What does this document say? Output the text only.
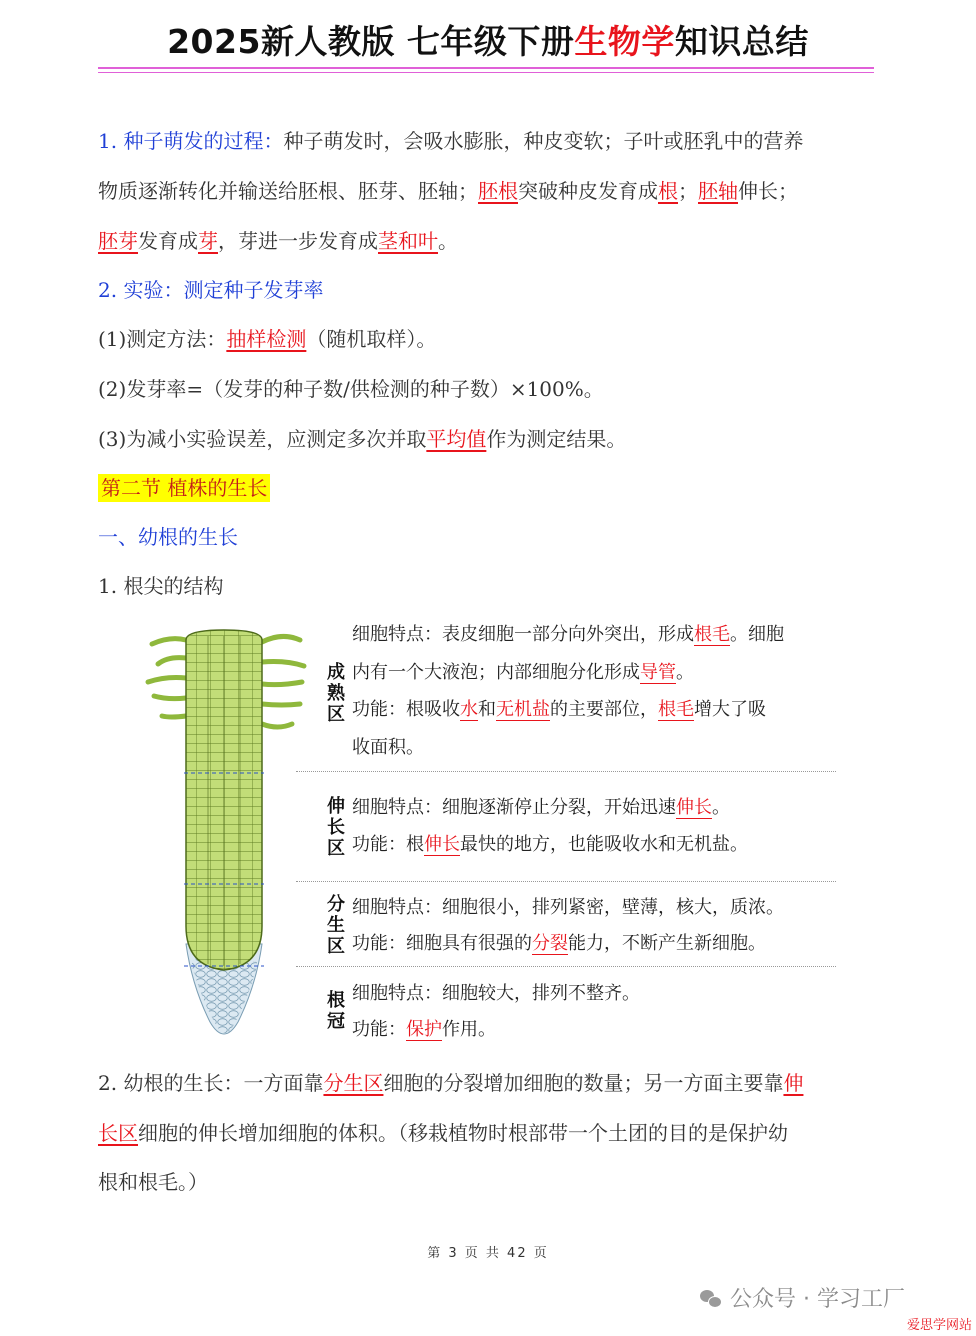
2025新人教版 七年级下册生物学知识总结
1. 种子萌发的过程：种子萌发时，会吸水膨胀，种皮变软；子叶或胚乳中的营养
物质逐渐转化并输送给胚根、胚芽、胚轴；胚根突破种皮发育成根；胚轴伸长；
胚芽发育成芽，芽进一步发育成茎和叶。
2. 实验：测定种子发芽率
(1)测定方法：抽样检测（随机取样）。
(2)发芽率=（发芽的种子数/供检测的种子数）×100%。
(3)为减小实验误差，应测定多次并取平均值作为测定结果。
第二节 植株的生长
一、幼根的生长
1. 根尖的结构
成熟区
细胞特点：表皮细胞一部分向外突出，形成根毛。细胞
内有一个大液泡；内部细胞分化形成导管。
功能：根吸收水和无机盐的主要部位，根毛增大了吸
收面积。
伸长区
细胞特点：细胞逐渐停止分裂，开始迅速伸长。
功能：根伸长最快的地方，也能吸收水和无机盐。
分生区
细胞特点：细胞很小，排列紧密，壁薄，核大，质浓。
功能：细胞具有很强的分裂能力，不断产生新细胞。
根冠
细胞特点：细胞较大，排列不整齐。
功能：保护作用。
2. 幼根的生长：一方面靠分生区细胞的分裂增加细胞的数量；另一方面主要靠伸
长区细胞的伸长增加细胞的体积。（移栽植物时根部带一个土团的目的是保护幼
根和根毛。）
第 3 页 共 42 页
公众号 · 学习工厂
爱思学网站
